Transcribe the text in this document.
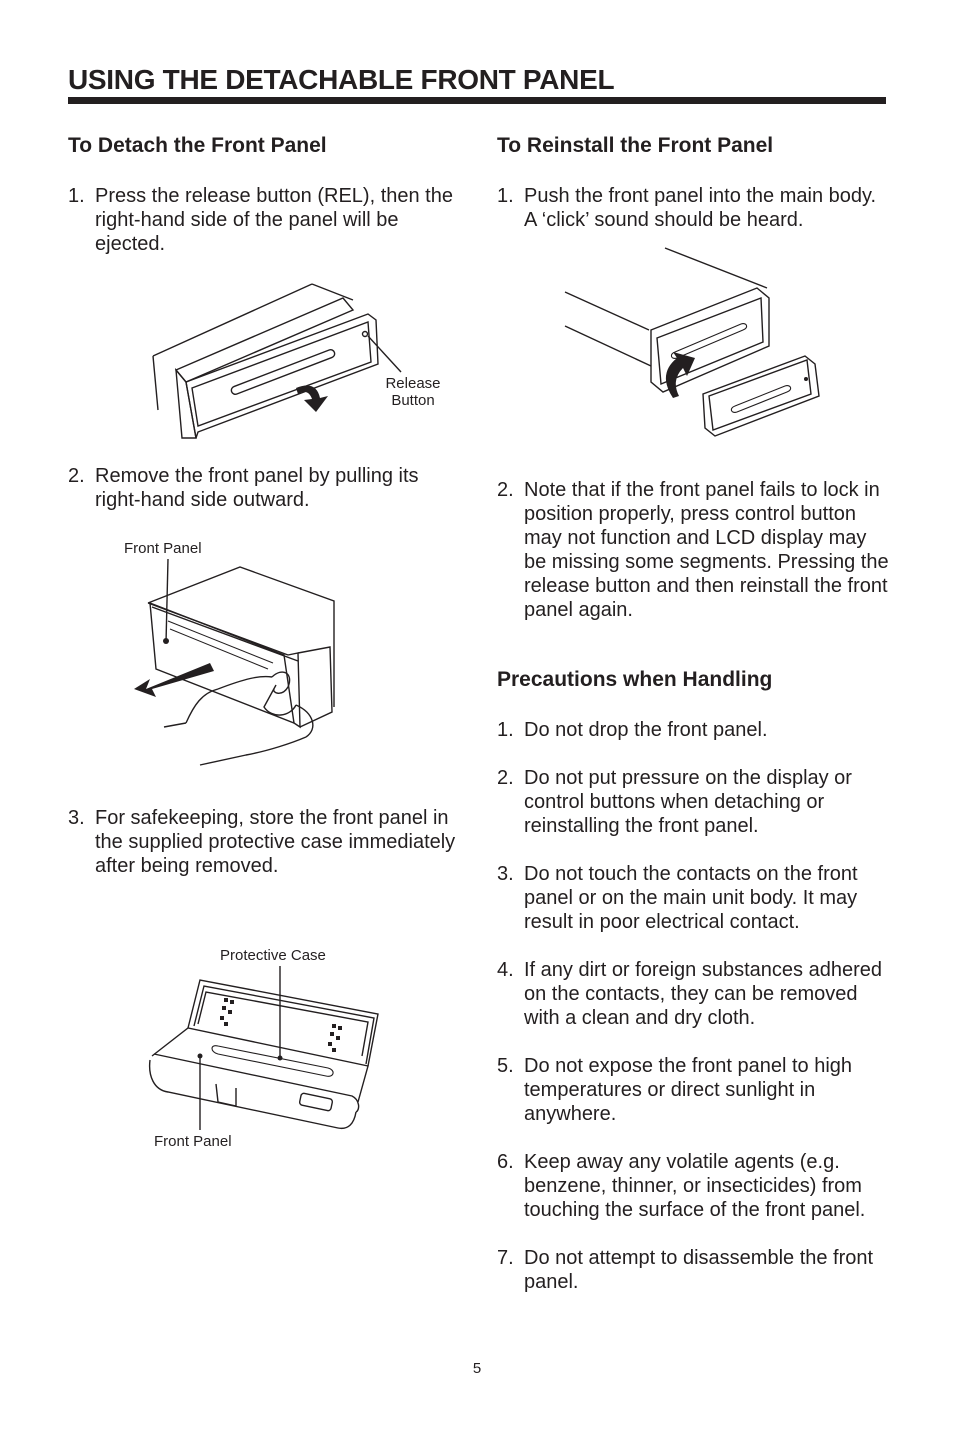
USING THE DETACHABLE FRONT PANEL
To Detach the Front Panel
1. Press the release button (REL), then the right-hand side of the panel will be ejected.
Release
Button
2. Remove the front panel by pulling its right-hand side outward.
Front Panel
3. For safekeeping, store the front panel in the supplied protective case immediately after being removed.
Protective Case
Front Panel
To Reinstall the Front Panel
1. Push the front panel into the main body. A ‘click’ sound should be heard.
2. Note that if the front panel fails to lock in position properly, press control button may not function and LCD display may be missing some segments. Pressing the release button and then reinstall the front panel again.
Precautions when Handling
1. Do not drop the front panel.
2. Do not put pressure on the display or control buttons when detaching or reinstalling the front panel.
3. Do not touch the contacts on the front panel or on the main unit body. It may result in poor electrical contact.
4. If any dirt or foreign substances adhered on the contacts, they can be removed with a clean and dry cloth.
5. Do not expose the front panel to high temperatures or direct sunlight in anywhere.
6. Keep away any volatile agents (e.g. benzene, thinner, or insecticides) from touching the surface of the front panel.
7. Do not attempt to disassemble the front panel.
5
